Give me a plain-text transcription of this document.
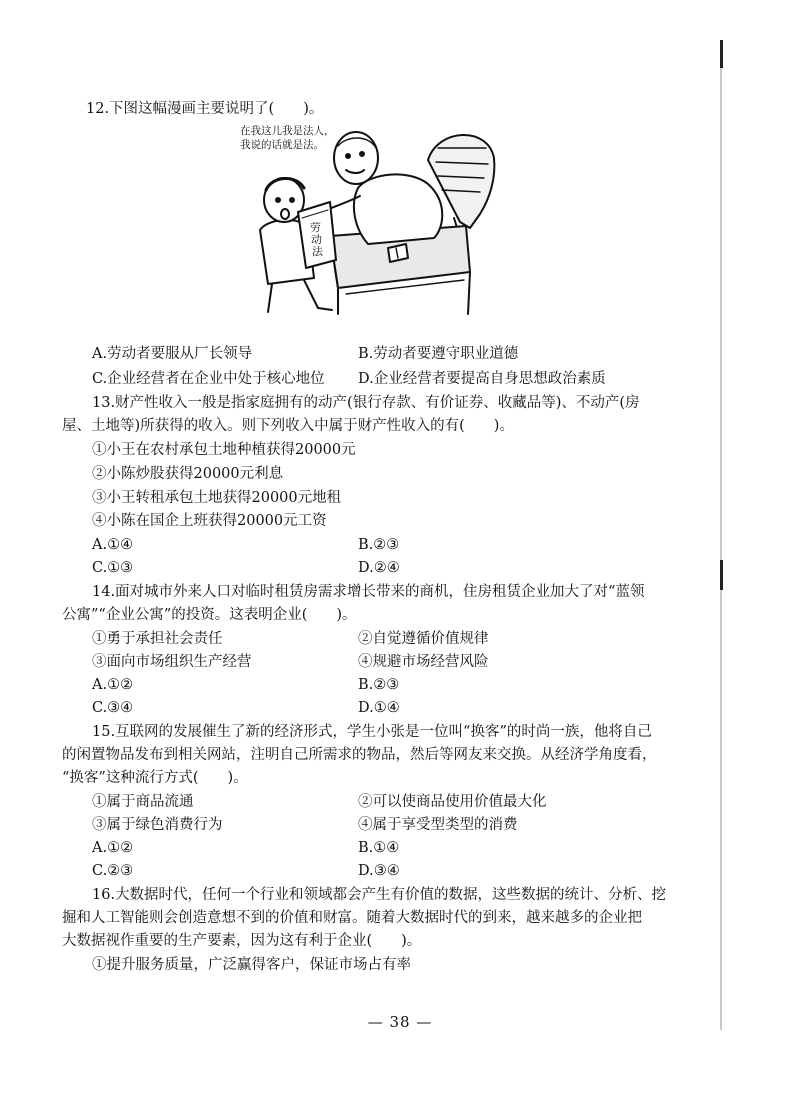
12.下图这幅漫画主要说明了(　　)。
在我这儿我是法人，
我说的话就是法。
劳
动
法
A.劳动者要服从厂长领导	B.劳动者要遵守职业道德
C.企业经营者在企业中处于核心地位 D.企业经营者要提高自身思想政治素质
13.财产性收入一般是指家庭拥有的动产(银行存款、有价证券、收藏品等)、不动产(房
屋、土地等)所获得的收入。则下列收入中属于财产性收入的有(　　)。
①小王在农村承包土地种植获得20000元
②小陈炒股获得20000元利息
③小王转租承包土地获得20000元地租
④小陈在国企上班获得20000元工资
A.①④	B.②③
C.①③	D.②④
14.面对城市外来人口对临时租赁房需求增长带来的商机，住房租赁企业加大了对“蓝领
公寓”“企业公寓”的投资。这表明企业(　　)。
①勇于承担社会责任	②自觉遵循价值规律
③面向市场组织生产经营	④规避市场经营风险
A.①②	B.②③
C.③④	D.①④
15.互联网的发展催生了新的经济形式，学生小张是一位叫“换客”的时尚一族，他将自己
的闲置物品发布到相关网站，注明自己所需求的物品，然后等网友来交换。从经济学角度看，
“换客”这种流行方式(　　)。
①属于商品流通	②可以使商品使用价值最大化
③属于绿色消费行为	④属于享受型类型的消费
A.①②	B.①④
C.②③	D.③④
16.大数据时代，任何一个行业和领域都会产生有价值的数据，这些数据的统计、分析、挖
掘和人工智能则会创造意想不到的价值和财富。随着大数据时代的到来，越来越多的企业把
大数据视作重要的生产要素，因为这有利于企业(　　)。
①提升服务质量，广泛赢得客户，保证市场占有率
— 38 —
